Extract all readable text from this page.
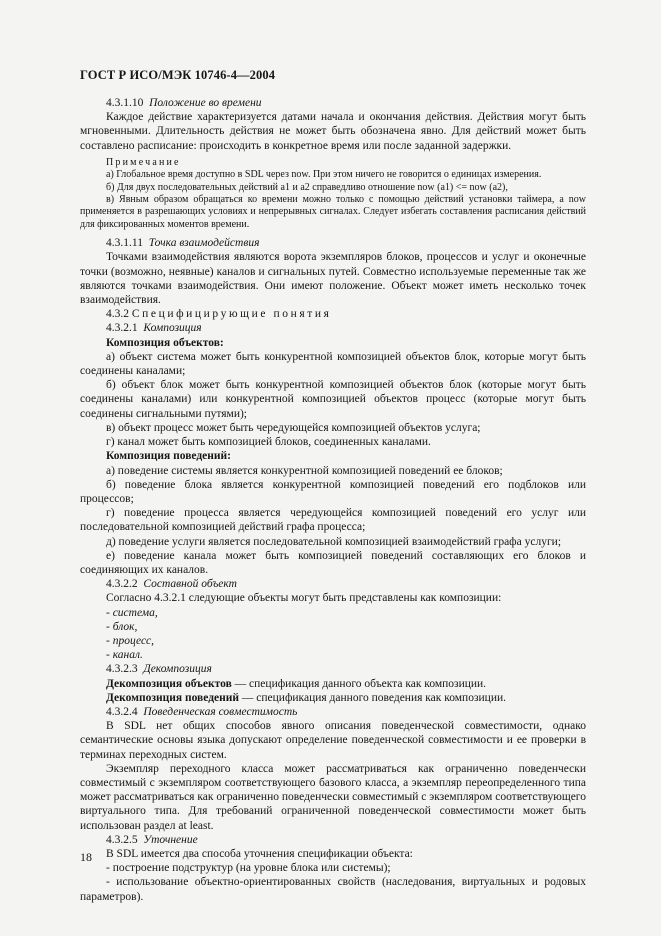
ГОСТ Р ИСО/МЭК 10746-4—2004

4.3.1.10 Положение во времени

Каждое действие характеризуется датами начала и окончания действия. Действия могут быть мгновенными. Длительность действия не может быть обозначена явно. Для действий может быть составлено расписание: происходить в конкретное время или после заданной задержки.

Примечание

а) Глобальное время доступно в SDL через now. При этом ничего не говорится о единицах измерения.

б) Для двух последовательных действий a1 и a2 справедливо отношение now (a1) <= now (a2),

в) Явным образом обращаться ко времени можно только с помощью действий установки таймера, а now применяется в разрешающих условиях и непрерывных сигналах. Следует избегать составления расписания действий для фиксированных моментов времени.

4.3.1.11 Точка взаимодействия

Точками взаимодействия являются ворота экземпляров блоков, процессов и услуг и оконечные точки (возможно, неявные) каналов и сигнальных путей. Совместно используемые переменные так же являются точками взаимодействия. Они имеют положение. Объект может иметь несколько точек взаимодействия.

4.3.2 Специфицирующие понятия

4.3.2.1 Композиция

Композиция объектов:

а) объект система может быть конкурентной композицией объектов блок, которые могут быть соединены каналами;

б) объект блок может быть конкурентной композицией объектов блок (которые могут быть соединены каналами) или конкурентной композицией объектов процесс (которые могут быть соединены сигнальными путями);

в) объект процесс может быть чередующейся композицией объектов услуга;

г) канал может быть композицией блоков, соединенных каналами.

Композиция поведений:

а) поведение системы является конкурентной композицией поведений ее блоков;

б) поведение блока является конкурентной композицией поведений его подблоков или процессов;

г) поведение процесса является чередующейся композицией поведений его услуг или последовательной композицией действий графа процесса;

д) поведение услуги является последовательной композицией взаимодействий графа услуги;

е) поведение канала может быть композицией поведений составляющих его блоков и соединяющих их каналов.

4.3.2.2 Составной объект

Согласно 4.3.2.1 следующие объекты могут быть представлены как композиции:

- система,

- блок,

- процесс,

- канал.

4.3.2.3 Декомпозиция

Декомпозиция объектов — спецификация данного объекта как композиции.

Декомпозиция поведений — спецификация данного поведения как композиции.

4.3.2.4 Поведенческая совместимость

В SDL нет общих способов явного описания поведенческой совместимости, однако семантические основы языка допускают определение поведенческой совместимости и ее проверки в терминах переходных систем.

Экземпляр переходного класса может рассматриваться как ограниченно поведенчески совместимый с экземпляром соответствующего базового класса, а экземпляр переопределенного типа может рассматриваться как ограниченно поведенчески совместимый с экземпляром соответствующего виртуального типа. Для требований ограниченной поведенческой совместимости может быть использован раздел at least.

4.3.2.5 Уточнение

В SDL имеется два способа уточнения спецификации объекта:

- построение подструктур (на уровне блока или системы);

- использование объектно-ориентированных свойств (наследования, виртуальных и родовых параметров).

18
